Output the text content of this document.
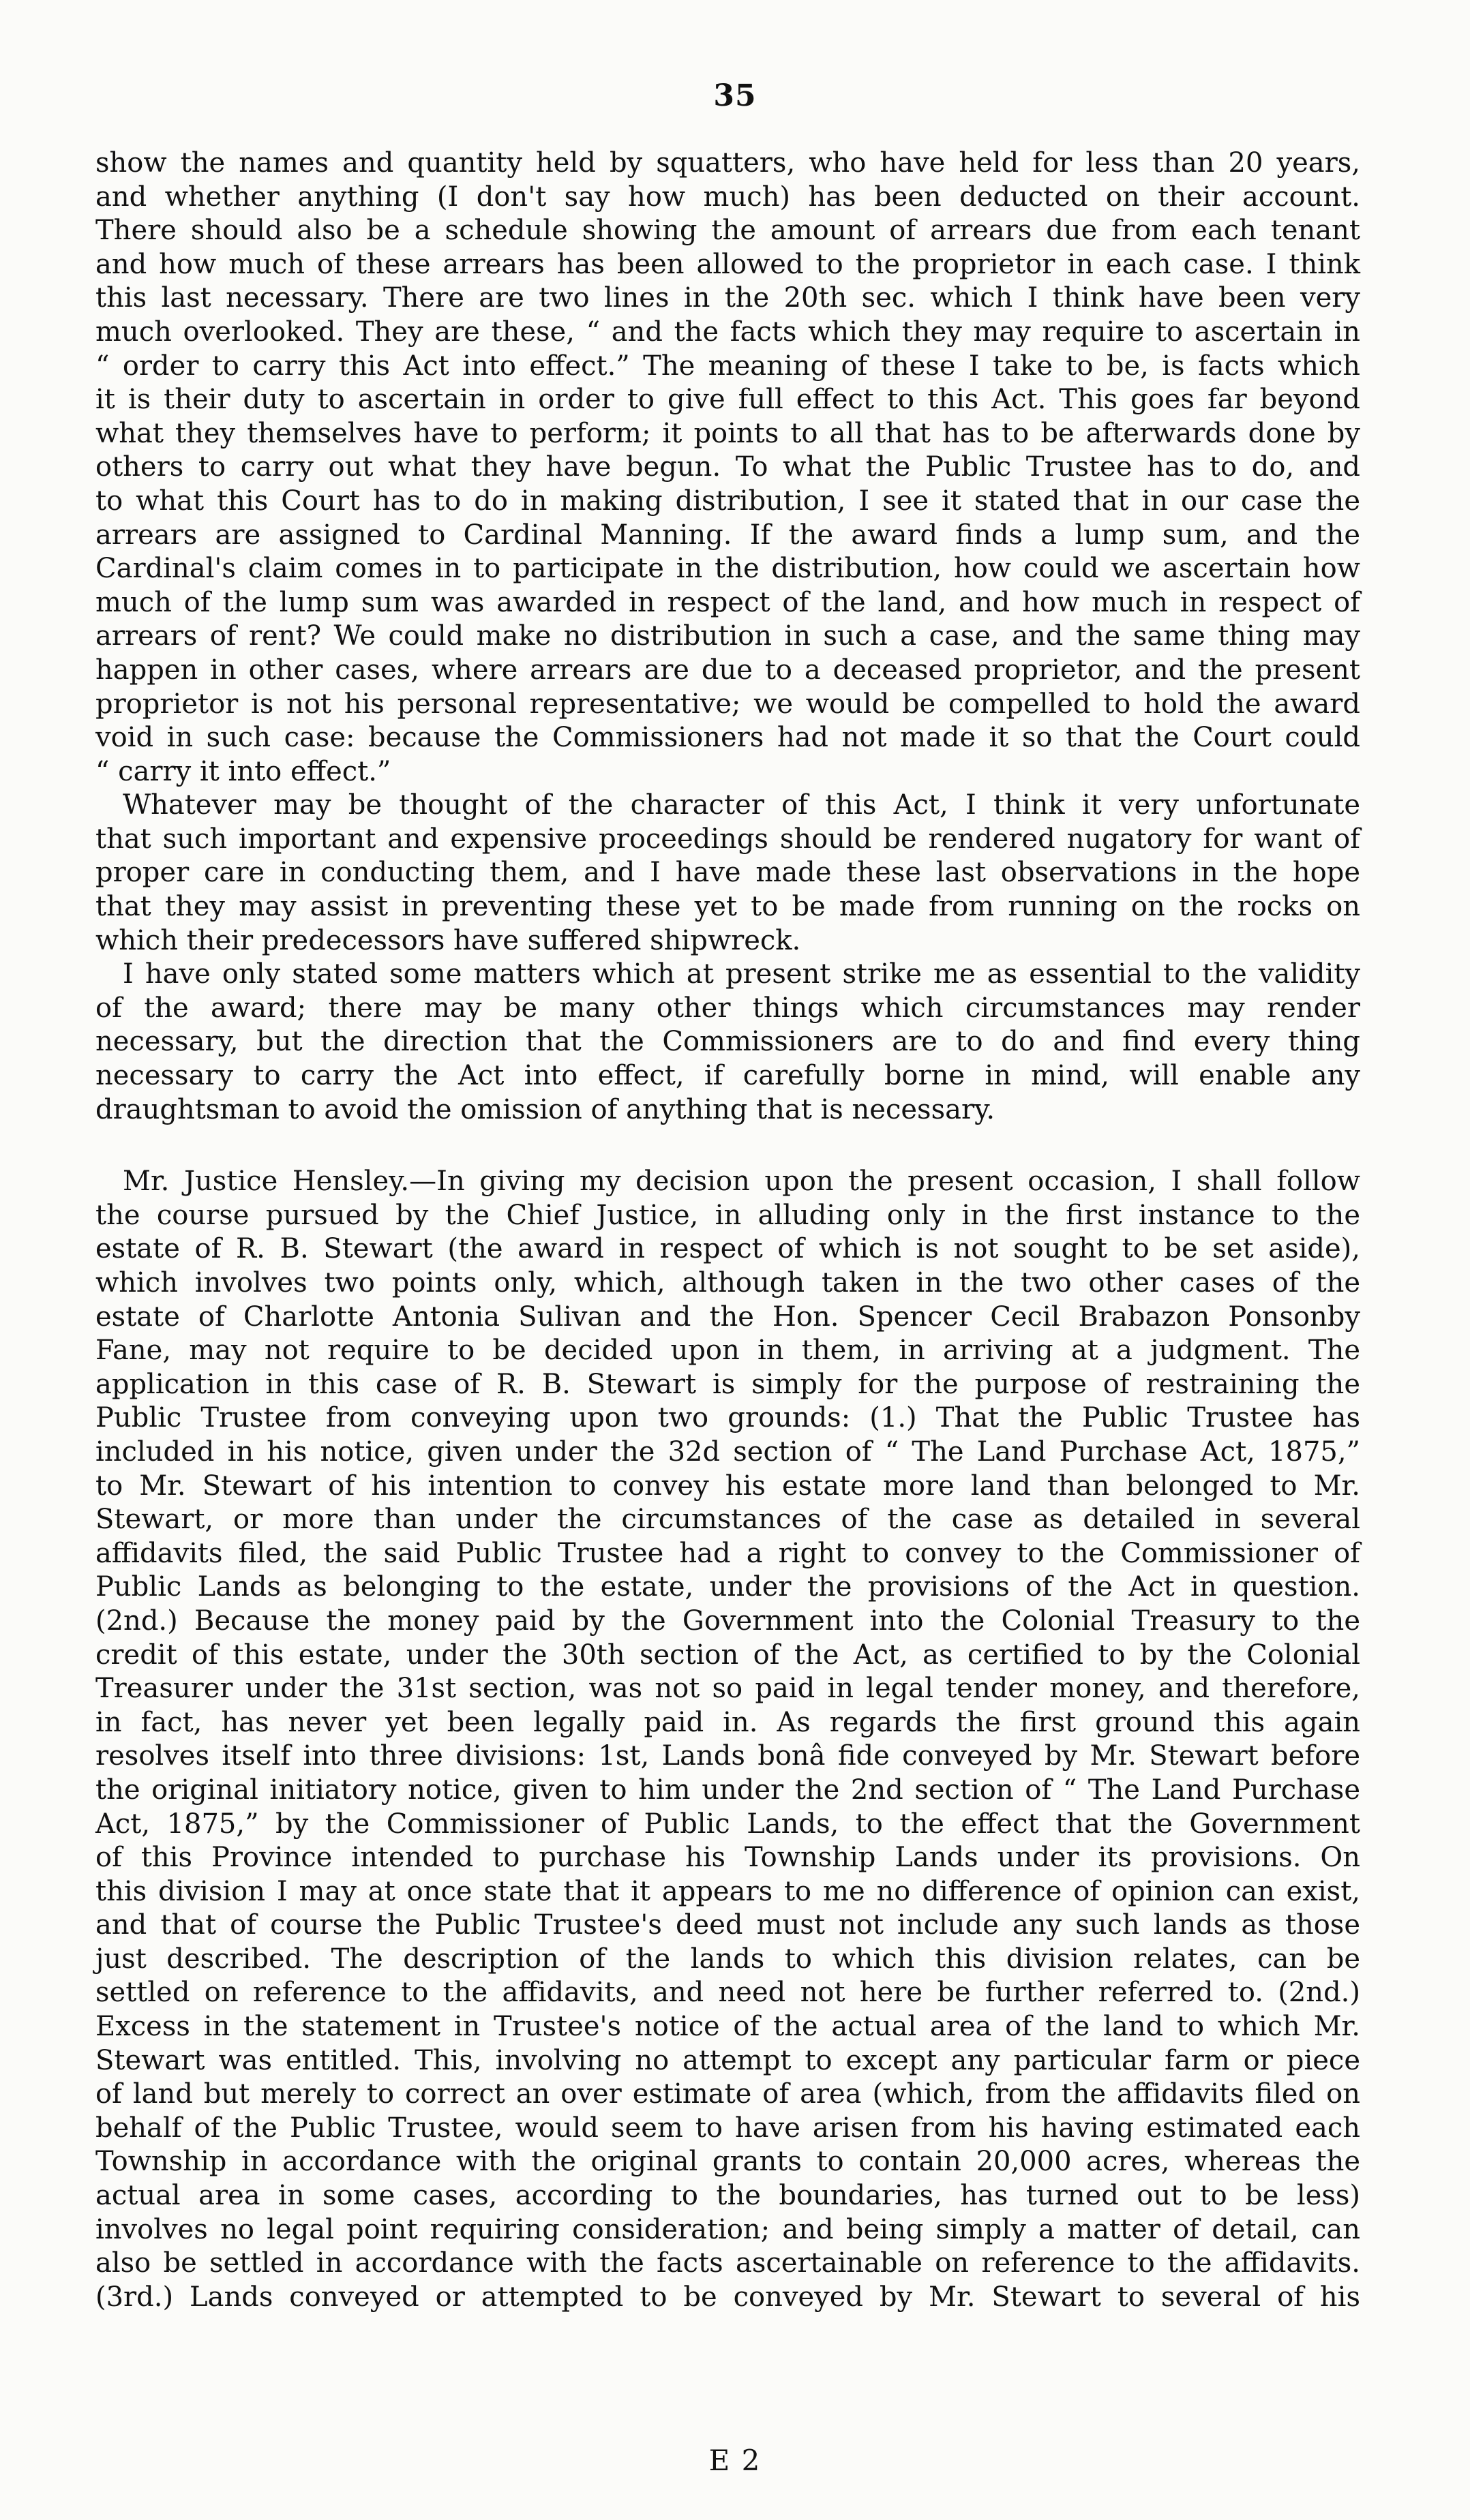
35

show the names and quantity held by squatters, who have held for less than 20 years,

and whether anything (I don't say how much) has been deducted on their account.

There should also be a schedule showing the amount of arrears due from each tenant

and how much of these arrears has been allowed to the proprietor in each case. I think

this last necessary. There are two lines in the 20th sec. which I think have been very

much overlooked. They are these, “ and the facts which they may require to ascertain in

“ order to carry this Act into effect.” The meaning of these I take to be, is facts which

it is their duty to ascertain in order to give full effect to this Act. This goes far beyond

what they themselves have to perform; it points to all that has to be afterwards done by

others to carry out what they have begun. To what the Public Trustee has to do, and

to what this Court has to do in making distribution, I see it stated that in our case the

arrears are assigned to Cardinal Manning. If the award finds a lump sum, and the

Cardinal's claim comes in to participate in the distribution, how could we ascertain how

much of the lump sum was awarded in respect of the land, and how much in respect of

arrears of rent? We could make no distribution in such a case, and the same thing may

happen in other cases, where arrears are due to a deceased proprietor, and the present

proprietor is not his personal representative; we would be compelled to hold the award

void in such case: because the Commissioners had not made it so that the Court could

“ carry it into effect.”

Whatever may be thought of the character of this Act, I think it very unfortunate

that such important and expensive proceedings should be rendered nugatory for want of

proper care in conducting them, and I have made these last observations in the hope

that they may assist in preventing these yet to be made from running on the rocks on

which their predecessors have suffered shipwreck.

I have only stated some matters which at present strike me as essential to the validity

of the award; there may be many other things which circumstances may render

necessary, but the direction that the Commissioners are to do and find every thing

necessary to carry the Act into effect, if carefully borne in mind, will enable any

draughtsman to avoid the omission of anything that is necessary.

Mr. Justice Hensley.—In giving my decision upon the present occasion, I shall follow

the course pursued by the Chief Justice, in alluding only in the first instance to the

estate of R. B. Stewart (the award in respect of which is not sought to be set aside),

which involves two points only, which, although taken in the two other cases of the

estate of Charlotte Antonia Sulivan and the Hon. Spencer Cecil Brabazon Ponsonby

Fane, may not require to be decided upon in them, in arriving at a judgment. The

application in this case of R. B. Stewart is simply for the purpose of restraining the

Public Trustee from conveying upon two grounds: (1.) That the Public Trustee has

included in his notice, given under the 32d section of “ The Land Purchase Act, 1875,”

to Mr. Stewart of his intention to convey his estate more land than belonged to Mr.

Stewart, or more than under the circumstances of the case as detailed in several

affidavits filed, the said Public Trustee had a right to convey to the Commissioner of

Public Lands as belonging to the estate, under the provisions of the Act in question.

(2nd.) Because the money paid by the Government into the Colonial Treasury to the

credit of this estate, under the 30th section of the Act, as certified to by the Colonial

Treasurer under the 31st section, was not so paid in legal tender money, and therefore,

in fact, has never yet been legally paid in. As regards the first ground this again

resolves itself into three divisions: 1st, Lands bonâ fide conveyed by Mr. Stewart before

the original initiatory notice, given to him under the 2nd section of “ The Land Purchase

Act, 1875,” by the Commissioner of Public Lands, to the effect that the Government

of this Province intended to purchase his Township Lands under its provisions. On

this division I may at once state that it appears to me no difference of opinion can exist,

and that of course the Public Trustee's deed must not include any such lands as those

just described. The description of the lands to which this division relates, can be

settled on reference to the affidavits, and need not here be further referred to. (2nd.)

Excess in the statement in Trustee's notice of the actual area of the land to which Mr.

Stewart was entitled. This, involving no attempt to except any particular farm or piece

of land but merely to correct an over estimate of area (which, from the affidavits filed on

behalf of the Public Trustee, would seem to have arisen from his having estimated each

Township in accordance with the original grants to contain 20,000 acres, whereas the

actual area in some cases, according to the boundaries, has turned out to be less)

involves no legal point requiring consideration; and being simply a matter of detail, can

also be settled in accordance with the facts ascertainable on reference to the affidavits.

(3rd.) Lands conveyed or attempted to be conveyed by Mr. Stewart to several of his

E 2
